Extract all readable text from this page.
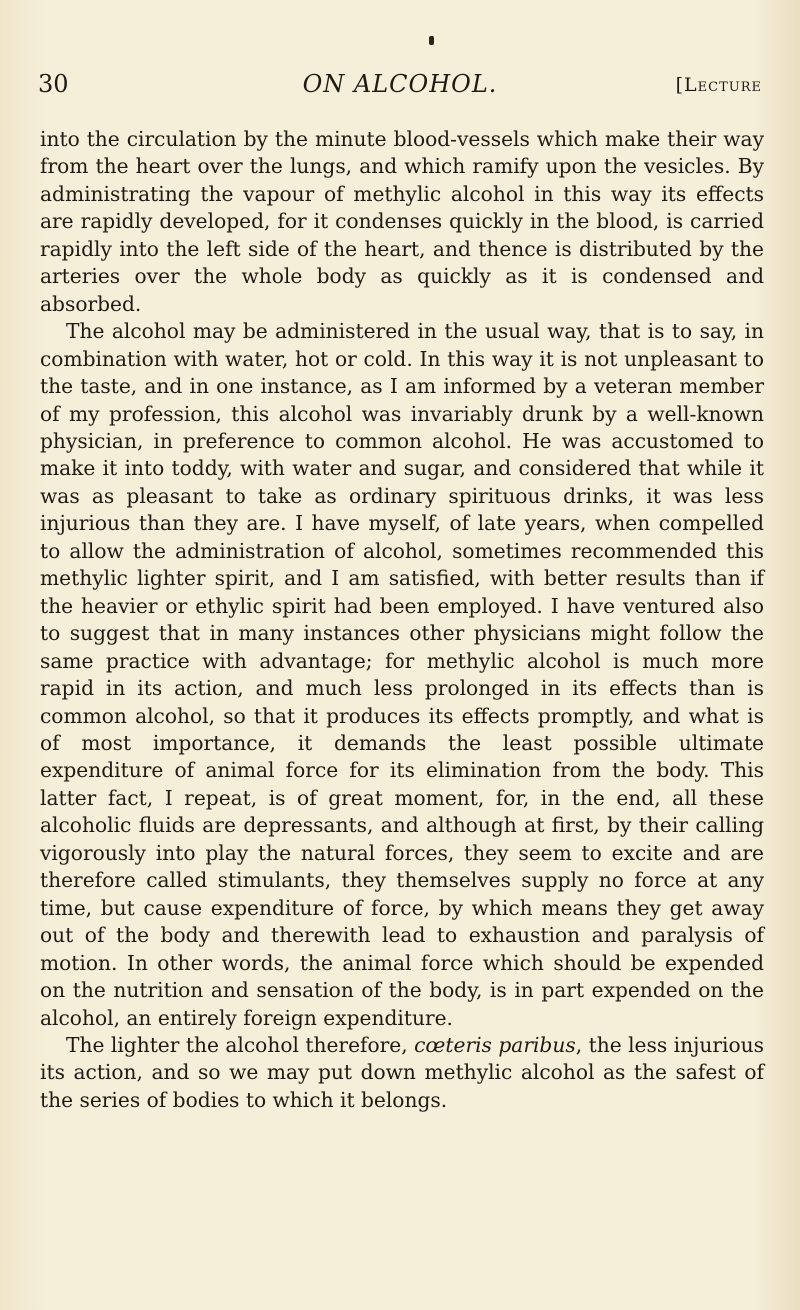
30	ON ALCOHOL.	[Lecture

into the circulation by the minute blood-vessels which make their way from the heart over the lungs, and which ramify upon the vesicles. By administrating the vapour of methylic alcohol in this way its effects are rapidly developed, for it condenses quickly in the blood, is carried rapidly into the left side of the heart, and thence is distributed by the arteries over the whole body as quickly as it is condensed and absorbed.

The alcohol may be administered in the usual way, that is to say, in combination with water, hot or cold. In this way it is not unpleasant to the taste, and in one instance, as I am informed by a veteran member of my profession, this alcohol was invariably drunk by a well-known physician, in preference to common alcohol. He was accustomed to make it into toddy, with water and sugar, and considered that while it was as pleasant to take as ordinary spirituous drinks, it was less injurious than they are. I have myself, of late years, when compelled to allow the administration of alcohol, sometimes recommended this methylic lighter spirit, and I am satisfied, with better results than if the heavier or ethylic spirit had been employed. I have ventured also to suggest that in many instances other physicians might follow the same practice with advantage; for methylic alcohol is much more rapid in its action, and much less prolonged in its effects than is common alcohol, so that it produces its effects promptly, and what is of most importance, it demands the least possible ultimate expenditure of animal force for its elimination from the body. This latter fact, I repeat, is of great moment, for, in the end, all these alcoholic fluids are depressants, and although at first, by their calling vigorously into play the natural forces, they seem to excite and are therefore called stimulants, they themselves supply no force at any time, but cause expenditure of force, by which means they get away out of the body and therewith lead to exhaustion and paralysis of motion. In other words, the animal force which should be expended on the nutrition and sensation of the body, is in part expended on the alcohol, an entirely foreign expenditure.

The lighter the alcohol therefore, cœteris paribus, the less injurious its action, and so we may put down methylic alcohol as the safest of the series of bodies to which it belongs.
